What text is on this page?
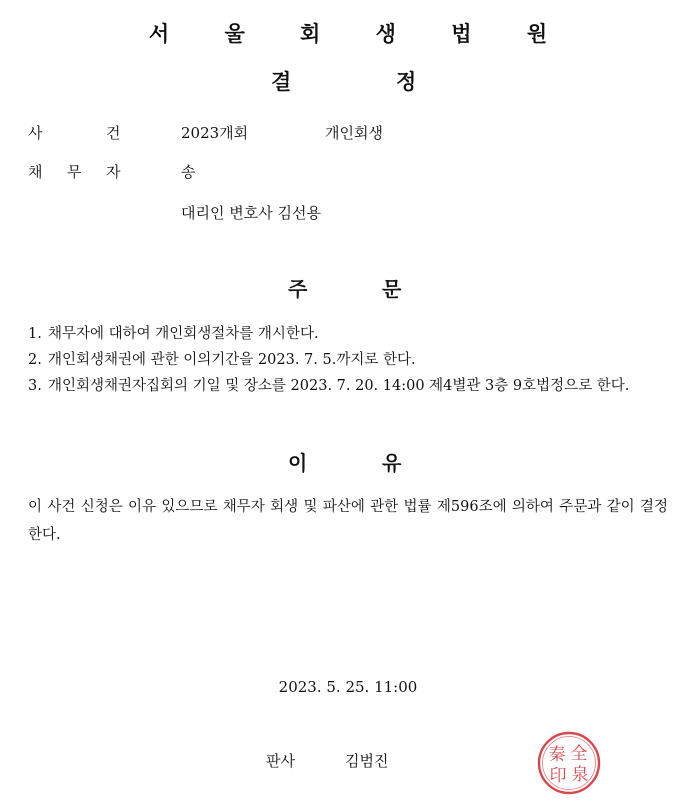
서 울 회 생 법 원
결	정
사	건	2023개회	개인회생
채 무 자	송
대리인 변호사 김선용
주	문
1. 채무자에 대하여 개인회생절차를 개시한다.
2. 개인회생채권에 관한 이의기간을 2023. 7. 5.까지로 한다.
3. 개인회생채권자집회의 기일 및 장소를 2023. 7. 20. 14:00 제4별관 3층 9호법정으로 한다.
이	유
이 사건 신청은 이유 있으므로 채무자 회생 및 파산에 관한 법률 제596조에 의하여 주문과 같이 결정한다.
2023. 5. 25. 11:00
판사	김범진	全
秦
泉
印
